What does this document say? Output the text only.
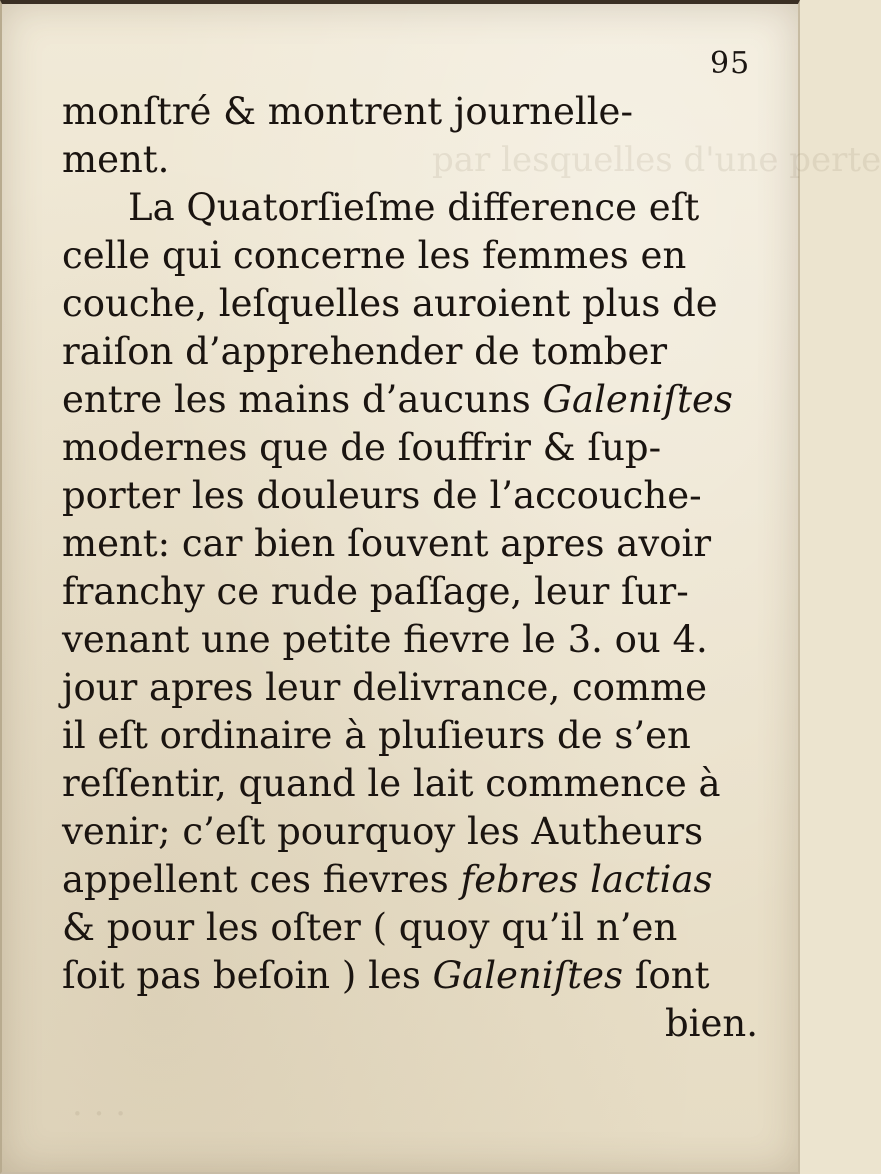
par lesquelles d'une perte
· · ·
95
monſtré & montrent journelle-
ment.
La Quatorſieſme difference eſt
celle qui concerne les femmes en
couche, leſquelles auroient plus de
raiſon d’apprehender de tomber
entre les mains d’aucuns Galeniſtes
modernes que de ſouffrir & ſup-
porter les douleurs de l’accouche-
ment: car bien ſouvent apres avoir
franchy ce rude paſſage, leur ſur-
venant une petite fievre le 3. ou 4.
jour apres leur delivrance, comme
il eſt ordinaire à pluſieurs de s’en
reſſentir, quand le lait commence à
venir; c’eſt pourquoy les Autheurs
appellent ces fievres febres lactias
& pour les oſter ( quoy qu’il n’en
ſoit pas beſoin ) les Galeniſtes ſont
bien.
